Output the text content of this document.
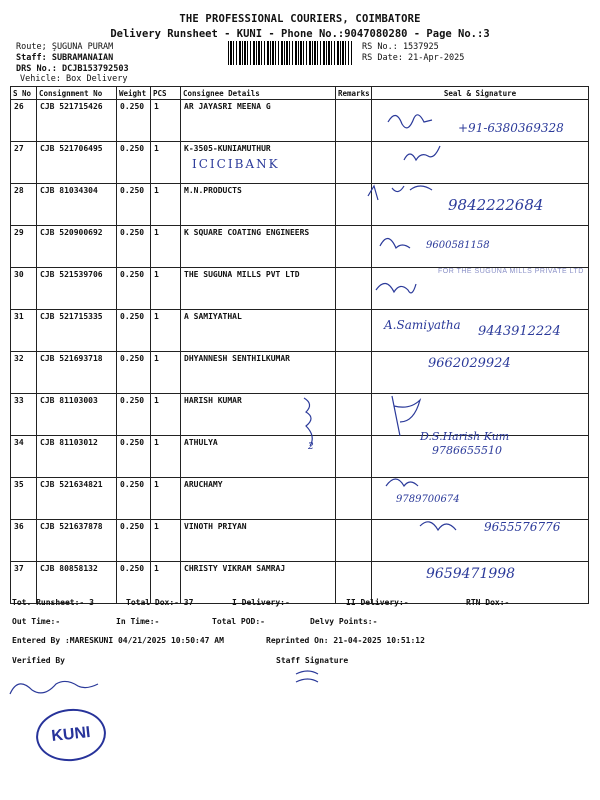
THE PROFESSIONAL COURIERS, COIMBATORE
Delivery Runsheet - KUNI - Phone No.:9047080280 - Page No.:3
Route; ŞUGUNA PURAM
Staff: SUBRAMANAIAN
DRS No.: DCJB153792503
Vehicle: Box Delivery
RS No.: 1537925
RS Date: 21-Apr-2025
S No	Consignment No	Weight	PCS	Consignee Details	Remarks	Seal & Signature
26	CJB 521715426	0.250	1	AR JAYASRI MEENA G		
27	CJB 521706495	0.250	1	K-3505-KUNIAMUTHUR		
28	CJB 81034304	0.250	1	M.N.PRODUCTS		
29	CJB 520900692	0.250	1	K SQUARE COATING ENGINEERS		
30	CJB 521539706	0.250	1	THE SUGUNA MILLS PVT LTD		
31	CJB 521715335	0.250	1	A SAMIYATHAL		
32	CJB 521693718	0.250	1	DHYANNESH SENTHILKUMAR		
33	CJB 81103003	0.250	1	HARISH KUMAR		
34	CJB 81103012	0.250	1	ATHULYA		
35	CJB 521634821	0.250	1	ARUCHAMY		
36	CJB 521637878	0.250	1	VINOTH PRIYAN		
37	CJB 80858132	0.250	1	CHRISTY VIKRAM SAMRAJ		
+91-6380369328
ICICIBANK
9842222684
9600581158
FOR THE SUGUNA MILLS PRIVATE LTD
A.Samiyatha 9443912224
9662029924
D.S.Harish Kum
9786655510
2
9789700674
9655576776
9659471998
Tot. Runsheet:- 3	Total Dox:- 37	I Delivery:-	II Delivery:-	RTN Dox:-
Out Time:-	In Time:-	Total POD:-	Delvy Points:-
Entered By :MARESKUNI 04/21/2025 10:50:47 AM	Reprinted On: 21-04-2025 10:51:12
Verified By	Staff Signature
KUNI
